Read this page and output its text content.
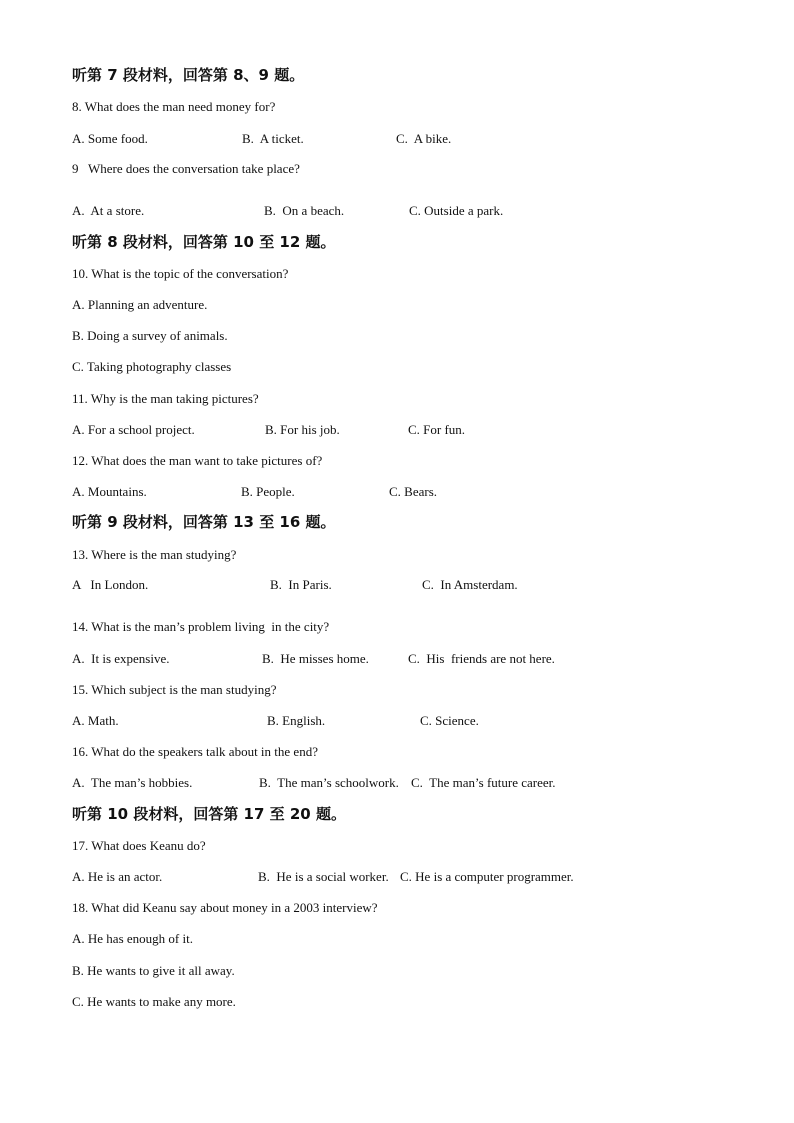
听第 7 段材料，回答第 8、9 题。
8. What does the man need money for?
A. Some food.	B.  A ticket.	C.  A bike.
9   Where does the conversation take place?
A.  At a store.	B.  On a beach.	C. Outside a park.
听第 8 段材料，回答第 10 至 12 题。
10. What is the topic of the conversation?
A. Planning an adventure.
B. Doing a survey of animals.
C. Taking photography classes
11. Why is the man taking pictures?
A. For a school project.	B. For his job.	C. For fun.
12. What does the man want to take pictures of?
A. Mountains.	B. People.	C. Bears.
听第 9 段材料，回答第 13 至 16 题。
13. Where is the man studying?
A   In London.	B.  In Paris.	C.  In Amsterdam.
14. What is the man’s problem living  in the city?
A.  It is expensive.	B.  He misses home.	C.  His  friends are not here.
15. Which subject is the man studying?
A. Math.	B. English.	C. Science.
16. What do the speakers talk about in the end?
A.  The man’s hobbies.	B.  The man’s schoolwork. C.  The man’s future career.
听第 10 段材料，回答第 17 至 20 题。
17. What does Keanu do?
A. He is an actor.	B.  He is a social worker. C. He is a computer programmer.
18. What did Keanu say about money in a 2003 interview?
A. He has enough of it.
B. He wants to give it all away.
C. He wants to make any more.
